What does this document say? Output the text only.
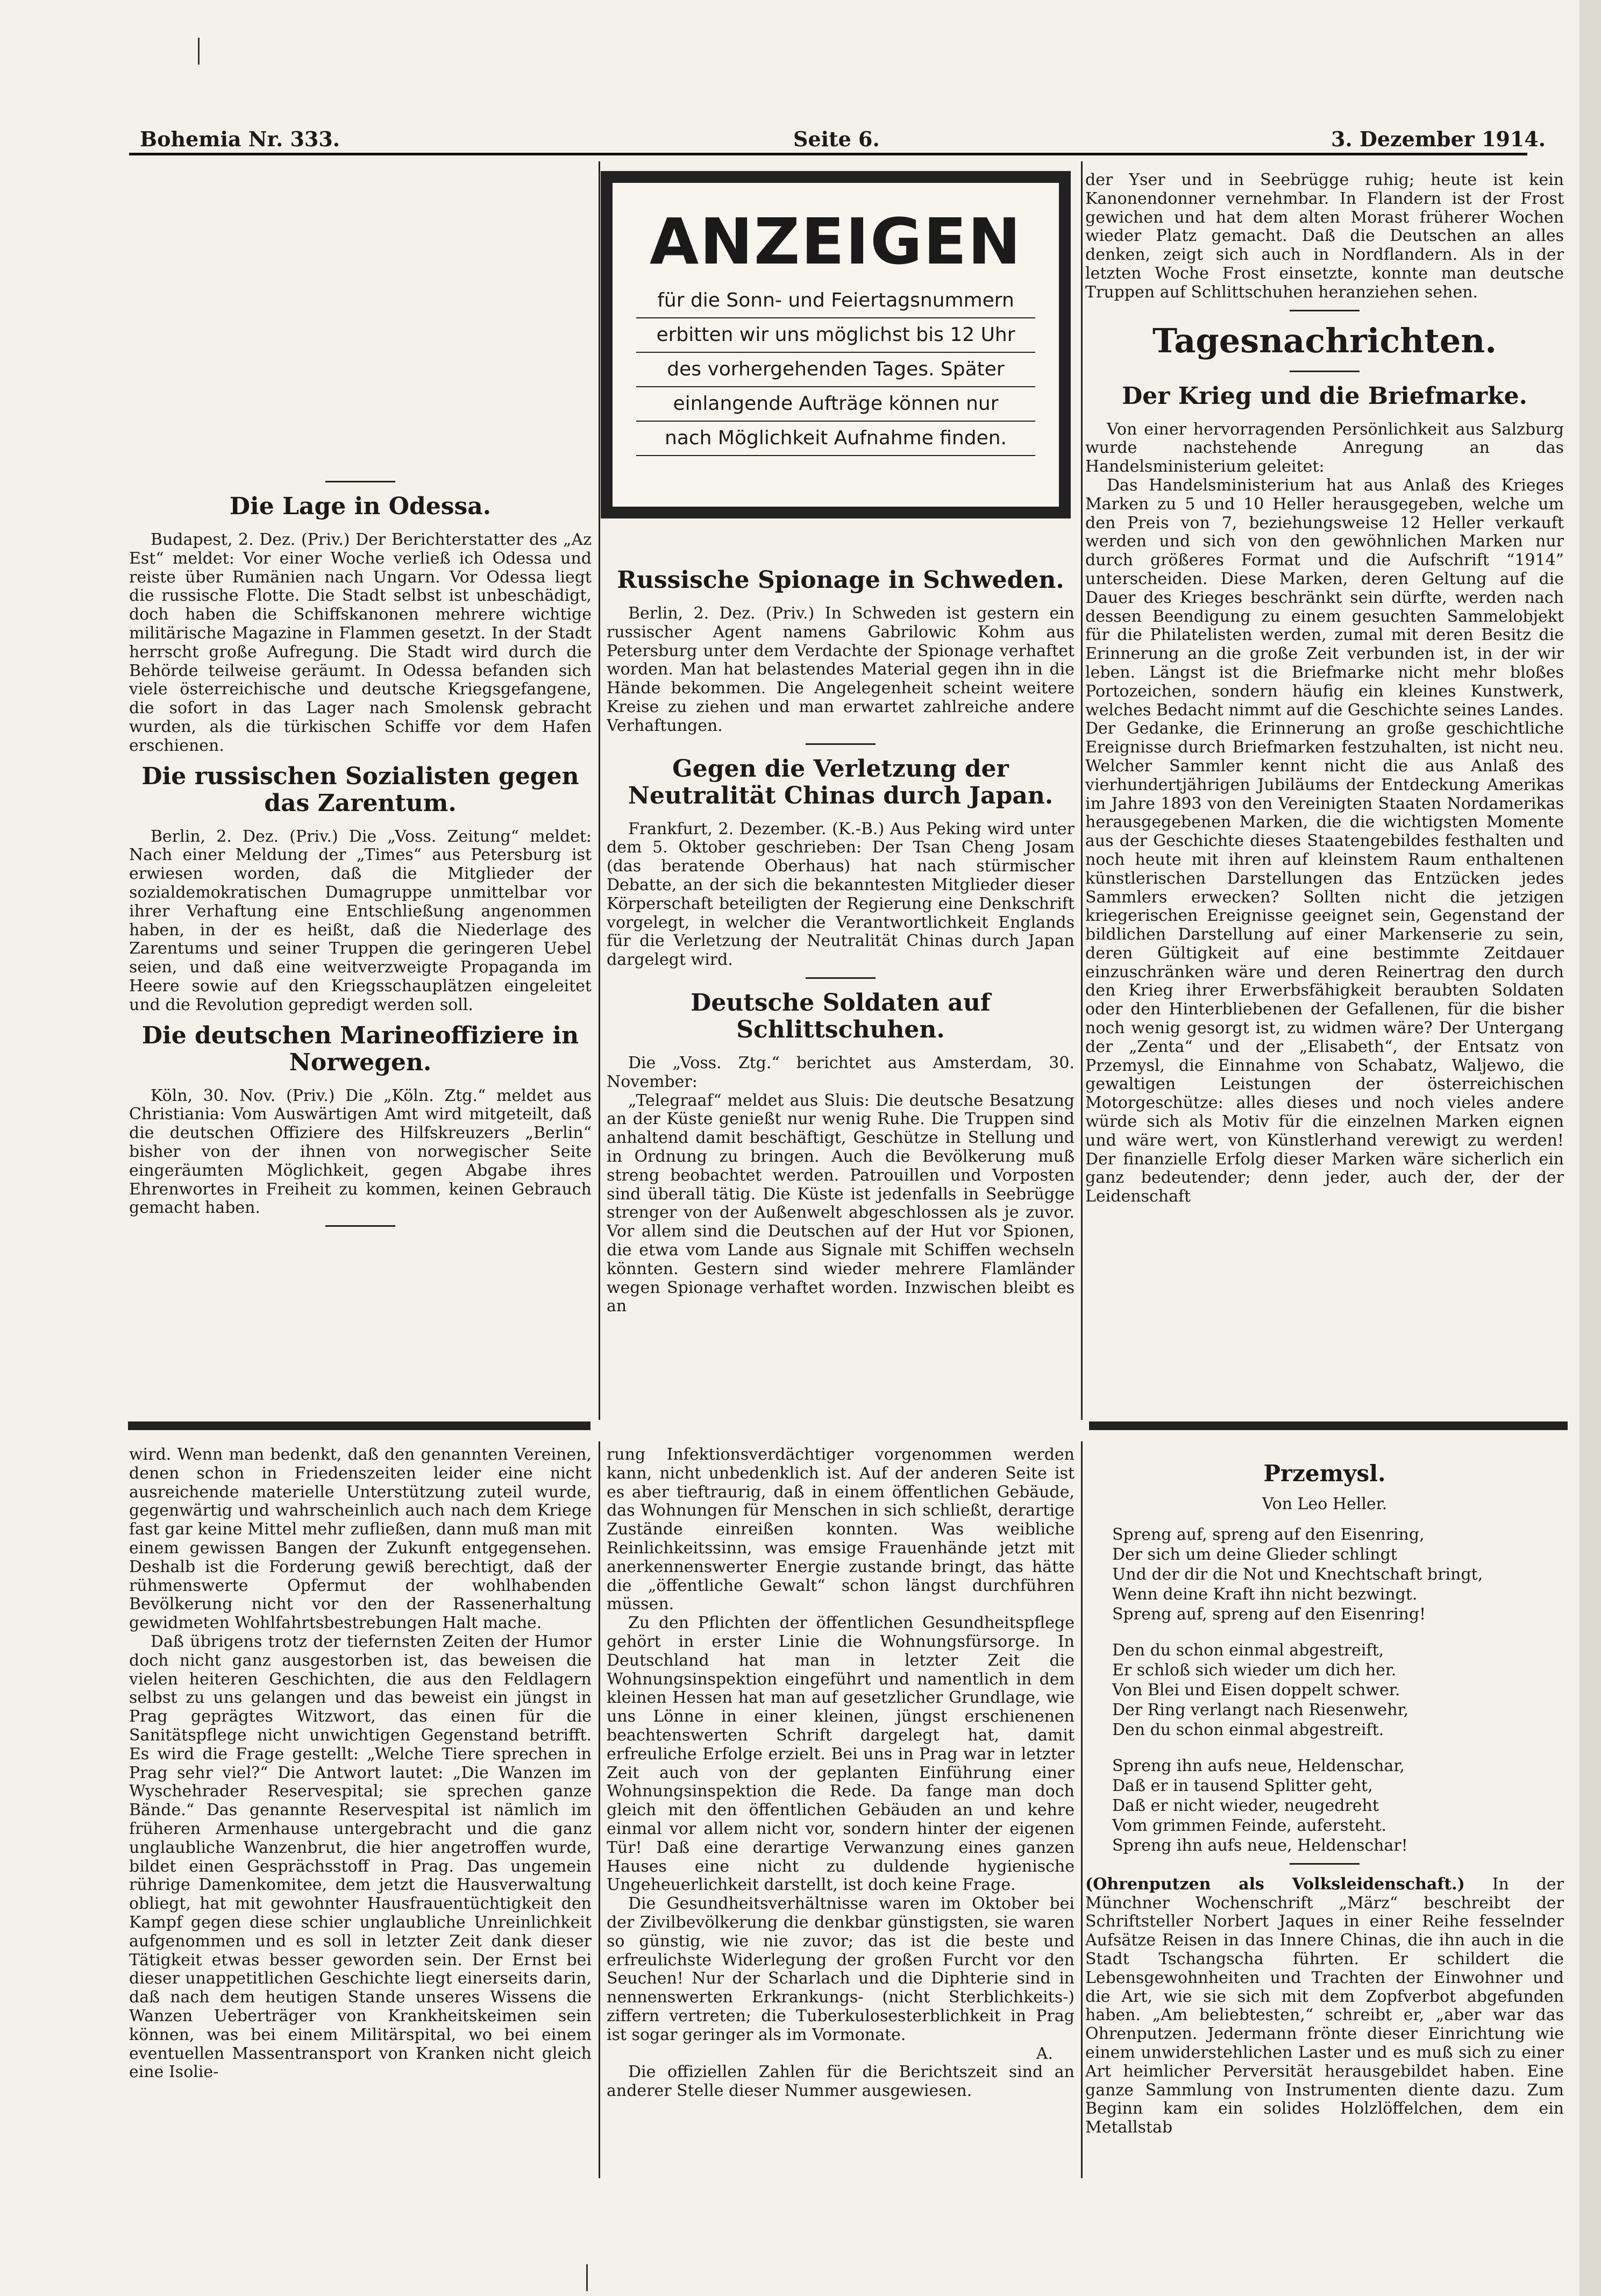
Bohemia Nr. 333.	Seite 6.	3. Dezember 1914.
ANZEIGEN
für die Sonn- und Feiertagsnummern
erbitten wir uns möglichst bis 12 Uhr
des vorhergehenden Tages. Später
einlangende Aufträge können nur
nach Möglichkeit Aufnahme finden.
Die Lage in Odessa.

Budapest, 2. Dez. (Priv.) Der Berichterstatter des „Az Est“ meldet: Vor einer Woche verließ ich Odessa und reiste über Rumänien nach Ungarn. Vor Odessa liegt die russische Flotte. Die Stadt selbst ist unbeschädigt, doch haben die Schiffskanonen mehrere wichtige militärische Magazine in Flammen gesetzt. In der Stadt herrscht große Aufregung. Die Stadt wird durch die Behörde teilweise geräumt. In Odessa befanden sich viele österreichische und deutsche Kriegsgefangene, die sofort in das Lager nach Smolensk gebracht wurden, als die türkischen Schiffe vor dem Hafen erschienen.

Die russischen Sozialisten gegen das Zarentum.

Berlin, 2. Dez. (Priv.) Die „Voss. Zeitung“ meldet: Nach einer Meldung der „Times“ aus Petersburg ist erwiesen worden, daß die Mitglieder der sozialdemokratischen Dumagruppe unmittelbar vor ihrer Verhaftung eine Entschließung angenommen haben, in der es heißt, daß die Niederlage des Zarentums und seiner Truppen die geringeren Uebel seien, und daß eine weitverzweigte Propaganda im Heere sowie auf den Kriegsschauplätzen eingeleitet und die Revolution gepredigt werden soll.

Die deutschen Marineoffiziere in Norwegen.

Köln, 30. Nov. (Priv.) Die „Köln. Ztg.“ meldet aus Christiania: Vom Auswärtigen Amt wird mitgeteilt, daß die deutschen Offiziere des Hilfskreuzers „Berlin“ bisher von der ihnen von norwegischer Seite eingeräumten Möglichkeit, gegen Abgabe ihres Ehrenwortes in Freiheit zu kommen, keinen Gebrauch gemacht haben.

Russische Spionage in Schweden.

Berlin, 2. Dez. (Priv.) In Schweden ist gestern ein russischer Agent namens Gabrilowic Kohm aus Petersburg unter dem Verdachte der Spionage verhaftet worden. Man hat belastendes Material gegen ihn in die Hände bekommen. Die Angelegenheit scheint weitere Kreise zu ziehen und man erwartet zahlreiche andere Verhaftungen.

Gegen die Verletzung der Neutralität Chinas durch Japan.

Frankfurt, 2. Dezember. (K.-B.) Aus Peking wird unter dem 5. Oktober geschrieben: Der Tsan Cheng Josam (das beratende Oberhaus) hat nach stürmischer Debatte, an der sich die bekanntesten Mitglieder dieser Körperschaft beteiligten der Regierung eine Denkschrift vorgelegt, in welcher die Verantwortlichkeit Englands für die Verletzung der Neutralität Chinas durch Japan dargelegt wird.

Deutsche Soldaten auf Schlittschuhen.

Die „Voss. Ztg.“ berichtet aus Amsterdam, 30. November:

„Telegraaf“ meldet aus Sluis: Die deutsche Besatzung an der Küste genießt nur wenig Ruhe. Die Truppen sind anhaltend damit beschäftigt, Geschütze in Stellung und in Ordnung zu bringen. Auch die Bevölkerung muß streng beobachtet werden. Patrouillen und Vorposten sind überall tätig. Die Küste ist jedenfalls in Seebrügge strenger von der Außenwelt abgeschlossen als je zuvor. Vor allem sind die Deutschen auf der Hut vor Spionen, die etwa vom Lande aus Signale mit Schiffen wechseln könnten. Gestern sind wieder mehrere Flamländer wegen Spionage verhaftet worden. Inzwischen bleibt es an

der Yser und in Seebrügge ruhig; heute ist kein Kanonendonner vernehmbar. In Flandern ist der Frost gewichen und hat dem alten Morast früherer Wochen wieder Platz gemacht. Daß die Deutschen an alles denken, zeigt sich auch in Nordflandern. Als in der letzten Woche Frost einsetzte, konnte man deutsche Truppen auf Schlittschuhen heranziehen sehen.

Tagesnachrichten.
Der Krieg und die Briefmarke.

Von einer hervorragenden Persönlichkeit aus Salzburg wurde nachstehende Anregung an das Handelsministerium geleitet:

Das Handelsministerium hat aus Anlaß des Krieges Marken zu 5 und 10 Heller herausgegeben, welche um den Preis von 7, beziehungsweise 12 Heller verkauft werden und sich von den gewöhnlichen Marken nur durch größeres Format und die Aufschrift “1914” unterscheiden. Diese Marken, deren Geltung auf die Dauer des Krieges beschränkt sein dürfte, werden nach dessen Beendigung zu einem gesuchten Sammelobjekt für die Philatelisten werden, zumal mit deren Besitz die Erinnerung an die große Zeit verbunden ist, in der wir leben. Längst ist die Briefmarke nicht mehr bloßes Portozeichen, sondern häufig ein kleines Kunstwerk, welches Bedacht nimmt auf die Geschichte seines Landes. Der Gedanke, die Erinnerung an große geschichtliche Ereignisse durch Briefmarken festzuhalten, ist nicht neu. Welcher Sammler kennt nicht die aus Anlaß des vierhundertjährigen Jubiläums der Entdeckung Amerikas im Jahre 1893 von den Vereinigten Staaten Nordamerikas herausgegebenen Marken, die die wichtigsten Momente aus der Geschichte dieses Staatengebildes festhalten und noch heute mit ihren auf kleinstem Raum enthaltenen künstlerischen Darstellungen das Entzücken jedes Sammlers erwecken? Sollten nicht die jetzigen kriegerischen Ereignisse geeignet sein, Gegenstand der bildlichen Darstellung auf einer Markenserie zu sein, deren Gültigkeit auf eine bestimmte Zeitdauer einzuschränken wäre und deren Reinertrag den durch den Krieg ihrer Erwerbsfähigkeit beraubten Soldaten oder den Hinterbliebenen der Gefallenen, für die bisher noch wenig gesorgt ist, zu widmen wäre? Der Untergang der „Zenta“ und der „Elisabeth“, der Entsatz von Przemysl, die Einnahme von Schabatz, Waljewo, die gewaltigen Leistungen der österreichischen Motorgeschütze: alles dieses und noch vieles andere würde sich als Motiv für die einzelnen Marken eignen und wäre wert, von Künstlerhand verewigt zu werden! Der finanzielle Erfolg dieser Marken wäre sicherlich ein ganz bedeutender; denn jeder, auch der, der der Leidenschaft

wird. Wenn man bedenkt, daß den genannten Vereinen, denen schon in Friedenszeiten leider eine nicht ausreichende materielle Unterstützung zuteil wurde, gegenwärtig und wahrscheinlich auch nach dem Kriege fast gar keine Mittel mehr zufließen, dann muß man mit einem gewissen Bangen der Zukunft entgegensehen. Deshalb ist die Forderung gewiß berechtigt, daß der rühmenswerte Opfermut der wohlhabenden Bevölkerung nicht vor den der Rassenerhaltung gewidmeten Wohlfahrtsbestrebungen Halt mache.

Daß übrigens trotz der tiefernsten Zeiten der Humor doch nicht ganz ausgestorben ist, das beweisen die vielen heiteren Geschichten, die aus den Feldlagern selbst zu uns gelangen und das beweist ein jüngst in Prag geprägtes Witzwort, das einen für die Sanitätspflege nicht unwichtigen Gegenstand betrifft. Es wird die Frage gestellt: „Welche Tiere sprechen in Prag sehr viel?“ Die Antwort lautet: „Die Wanzen im Wyschehrader Reservespital; sie sprechen ganze Bände.“ Das genannte Reservespital ist nämlich im früheren Armenhause untergebracht und die ganz unglaubliche Wanzenbrut, die hier angetroffen wurde, bildet einen Gesprächsstoff in Prag. Das ungemein rührige Damenkomitee, dem jetzt die Hausverwaltung obliegt, hat mit gewohnter Hausfrauentüchtigkeit den Kampf gegen diese schier unglaubliche Unreinlichkeit aufgenommen und es soll in letzter Zeit dank dieser Tätigkeit etwas besser geworden sein. Der Ernst bei dieser unappetitlichen Geschichte liegt einerseits darin, daß nach dem heutigen Stande unseres Wissens die Wanzen Ueberträger von Krankheitskeimen sein können, was bei einem Militärspital, wo bei einem eventuellen Massentransport von Kranken nicht gleich eine Isolie-

rung Infektionsverdächtiger vorgenommen werden kann, nicht unbedenklich ist. Auf der anderen Seite ist es aber tieftraurig, daß in einem öffentlichen Gebäude, das Wohnungen für Menschen in sich schließt, derartige Zustände einreißen konnten. Was weibliche Reinlichkeitssinn, was emsige Frauenhände jetzt mit anerkennenswerter Energie zustande bringt, das hätte die „öffentliche Gewalt“ schon längst durchführen müssen.

Zu den Pflichten der öffentlichen Gesundheitspflege gehört in erster Linie die Wohnungsfürsorge. In Deutschland hat man in letzter Zeit die Wohnungsinspektion eingeführt und namentlich in dem kleinen Hessen hat man auf gesetzlicher Grundlage, wie uns Lönne in einer kleinen, jüngst erschienenen beachtenswerten Schrift dargelegt hat, damit erfreuliche Erfolge erzielt. Bei uns in Prag war in letzter Zeit auch von der geplanten Einführung einer Wohnungsinspektion die Rede. Da fange man doch gleich mit den öffentlichen Gebäuden an und kehre einmal vor allem nicht vor, sondern hinter der eigenen Tür! Daß eine derartige Verwanzung eines ganzen Hauses eine nicht zu duldende hygienische Ungeheuerlichkeit darstellt, ist doch keine Frage.

Die Gesundheitsverhältnisse waren im Oktober bei der Zivilbevölkerung die denkbar günstigsten, sie waren so günstig, wie nie zuvor; das ist die beste und erfreulichste Widerlegung der großen Furcht vor den Seuchen! Nur der Scharlach und die Diphterie sind in nennenswerten Erkrankungs- (nicht Sterblichkeits-) ziffern vertreten; die Tuberkulosesterblichkeit in Prag ist sogar geringer als im Vormonate.

A.

Die offiziellen Zahlen für die Berichtszeit sind an anderer Stelle dieser Nummer ausgewiesen.

Przemysl.
Von Leo Heller.
Spreng auf, spreng auf den Eisenring,
Der sich um deine Glieder schlingt
Und der dir die Not und Knechtschaft bringt,
Wenn deine Kraft ihn nicht bezwingt.
Spreng auf, spreng auf den Eisenring!
Den du schon einmal abgestreift,
Er schloß sich wieder um dich her.
Von Blei und Eisen doppelt schwer.
Der Ring verlangt nach Riesenwehr,
Den du schon einmal abgestreift.
Spreng ihn aufs neue, Heldenschar,
Daß er in tausend Splitter geht,
Daß er nicht wieder, neugedreht
Vom grimmen Feinde, aufersteht.
Spreng ihn aufs neue, Heldenschar!

(Ohrenputzen als Volksleidenschaft.) In der Münchner Wochenschrift „März“ beschreibt der Schriftsteller Norbert Jaques in einer Reihe fesselnder Aufsätze Reisen in das Innere Chinas, die ihn auch in die Stadt Tschangscha führten. Er schildert die Lebensgewohnheiten und Trachten der Einwohner und die Art, wie sie sich mit dem Zopfverbot abgefunden haben. „Am beliebtesten,“ schreibt er, „aber war das Ohrenputzen. Jedermann frönte dieser Einrichtung wie einem unwiderstehlichen Laster und es muß sich zu einer Art heimlicher Perversität herausgebildet haben. Eine ganze Sammlung von Instrumenten diente dazu. Zum Beginn kam ein solides Holzlöffelchen, dem ein Metallstab
